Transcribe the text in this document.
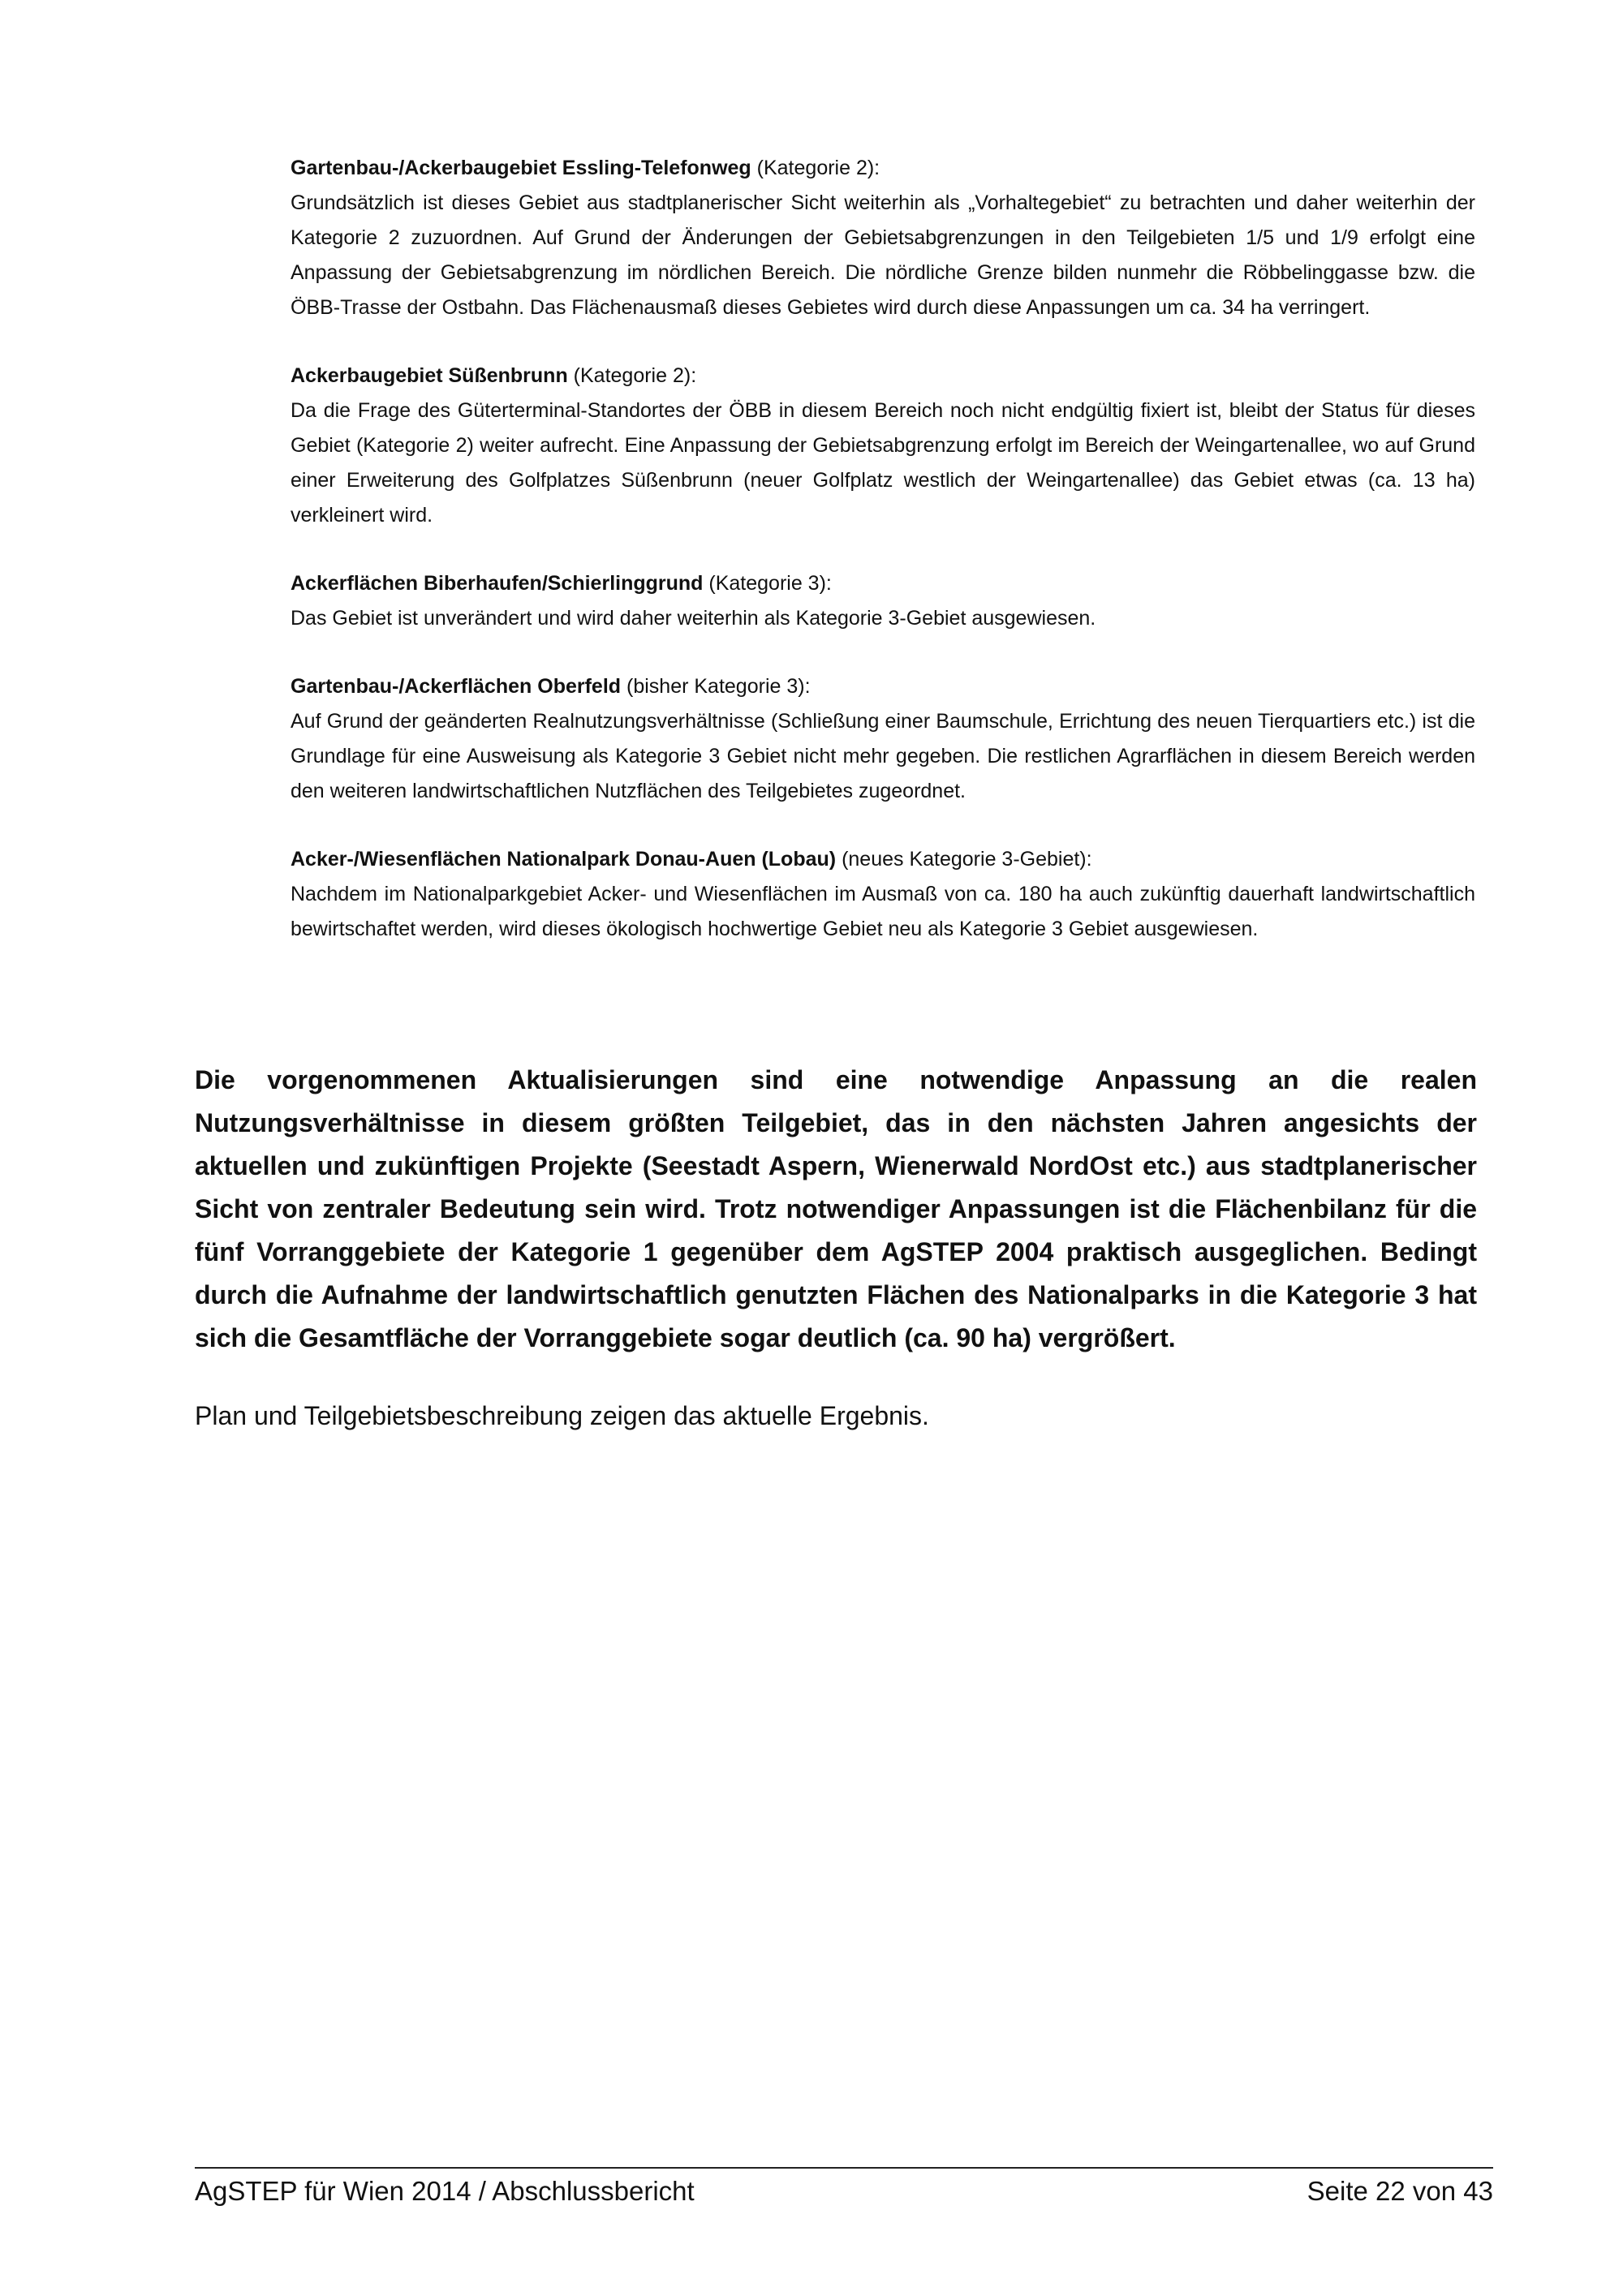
Gartenbau-/Ackerbaugebiet Essling-Telefonweg (Kategorie 2):

Grundsätzlich ist dieses Gebiet aus stadtplanerischer Sicht weiterhin als „Vorhaltegebiet“ zu betrachten und daher weiterhin der Kategorie 2 zuzuordnen. Auf Grund der Änderungen der Gebietsabgrenzungen in den Teilgebieten 1/5 und 1/9 erfolgt eine Anpassung der Gebietsabgrenzung im nördlichen Bereich. Die nördliche Grenze bilden nunmehr die Röbbelinggasse bzw. die ÖBB-Trasse der Ostbahn. Das Flächenausmaß dieses Gebietes wird durch diese Anpassungen um ca. 34 ha verringert.

Ackerbaugebiet Süßenbrunn (Kategorie 2):

Da die Frage des Güterterminal-Standortes der ÖBB in diesem Bereich noch nicht endgültig fixiert ist, bleibt der Status für dieses Gebiet (Kategorie 2) weiter aufrecht. Eine Anpassung der Gebietsabgrenzung erfolgt im Bereich der Weingartenallee, wo auf Grund einer Erweiterung des Golfplatzes Süßenbrunn (neuer Golfplatz westlich der Weingartenallee) das Gebiet etwas (ca. 13 ha) verkleinert wird.

Ackerflächen Biberhaufen/Schierlinggrund (Kategorie 3):

Das Gebiet ist unverändert und wird daher weiterhin als Kategorie 3-Gebiet ausgewiesen.

Gartenbau-/Ackerflächen Oberfeld (bisher Kategorie 3):

Auf Grund der geänderten Realnutzungsverhältnisse (Schließung einer Baumschule, Errichtung des neuen Tierquartiers etc.) ist die Grundlage für eine Ausweisung als Kategorie 3 Gebiet nicht mehr gegeben. Die restlichen Agrarflächen in diesem Bereich werden den weiteren landwirtschaftlichen Nutzflächen des Teilgebietes zugeordnet.

Acker-/Wiesenflächen Nationalpark Donau-Auen (Lobau) (neues Kategorie 3-Gebiet):

Nachdem im Nationalparkgebiet Acker- und Wiesenflächen im Ausmaß von ca. 180 ha auch zukünftig dauerhaft landwirtschaftlich bewirtschaftet werden, wird dieses ökologisch hochwertige Gebiet neu als Kategorie 3 Gebiet ausgewiesen.

Die vorgenommenen Aktualisierungen sind eine notwendige Anpassung an die realen Nutzungsverhältnisse in diesem größten Teilgebiet, das in den nächsten Jahren angesichts der aktuellen und zukünftigen Projekte (Seestadt Aspern, Wienerwald NordOst etc.) aus stadtplanerischer Sicht von zentraler Bedeutung sein wird. Trotz notwendiger Anpassungen ist die Flächenbilanz für die fünf Vorranggebiete der Kategorie 1 gegenüber dem AgSTEP 2004 praktisch ausgeglichen. Bedingt durch die Aufnahme der landwirtschaftlich genutzten Flächen des Nationalparks in die Kategorie 3 hat sich die Gesamtfläche der Vorranggebiete sogar deutlich (ca. 90 ha) vergrößert.

Plan und Teilgebietsbeschreibung zeigen das aktuelle Ergebnis.

AgSTEP für Wien 2014 / Abschlussbericht	Seite 22 von 43
